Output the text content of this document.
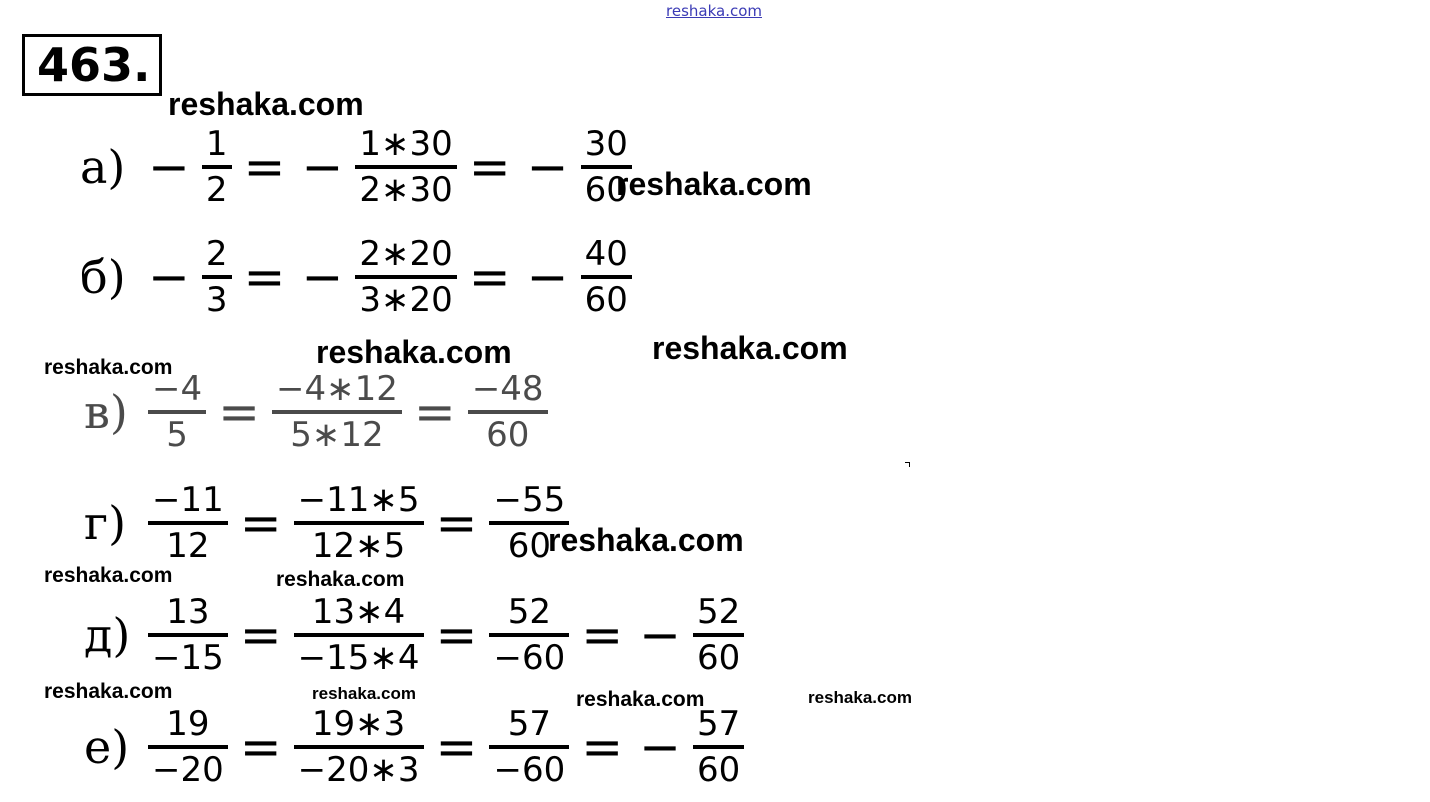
reshaka.com
463.
$а) - \frac{1}{2}$ = − $\frac{1∗30}{2∗30}$ = − $\frac{30}{60}$
$б) - \frac{2}{3}$ = − $\frac{2∗20}{3∗20}$ = − $\frac{40}{60}$
$в) \frac{-4}{5} = \frac{-4∗12}{5∗12} = \frac{-48}{60}$
$г) \frac{-11}{12} = \frac{-11∗5}{12∗5} = \frac{-55}{60}$
$д) \frac{13}{-15} = \frac{13∗4}{-15∗4} = \frac{52}{-60}$ = − $\frac{52}{60}$
$е) \frac{19}{-20} = \frac{19∗3}{-20∗3} = \frac{57}{-60}$ = − $\frac{57}{60}$
reshaka.com
reshaka.com
reshaka.com	reshaka.com
reshaka.com
reshaka.com
reshaka.com	reshaka.com
reshaka.com	reshaka.com	reshaka.com	reshaka.com
